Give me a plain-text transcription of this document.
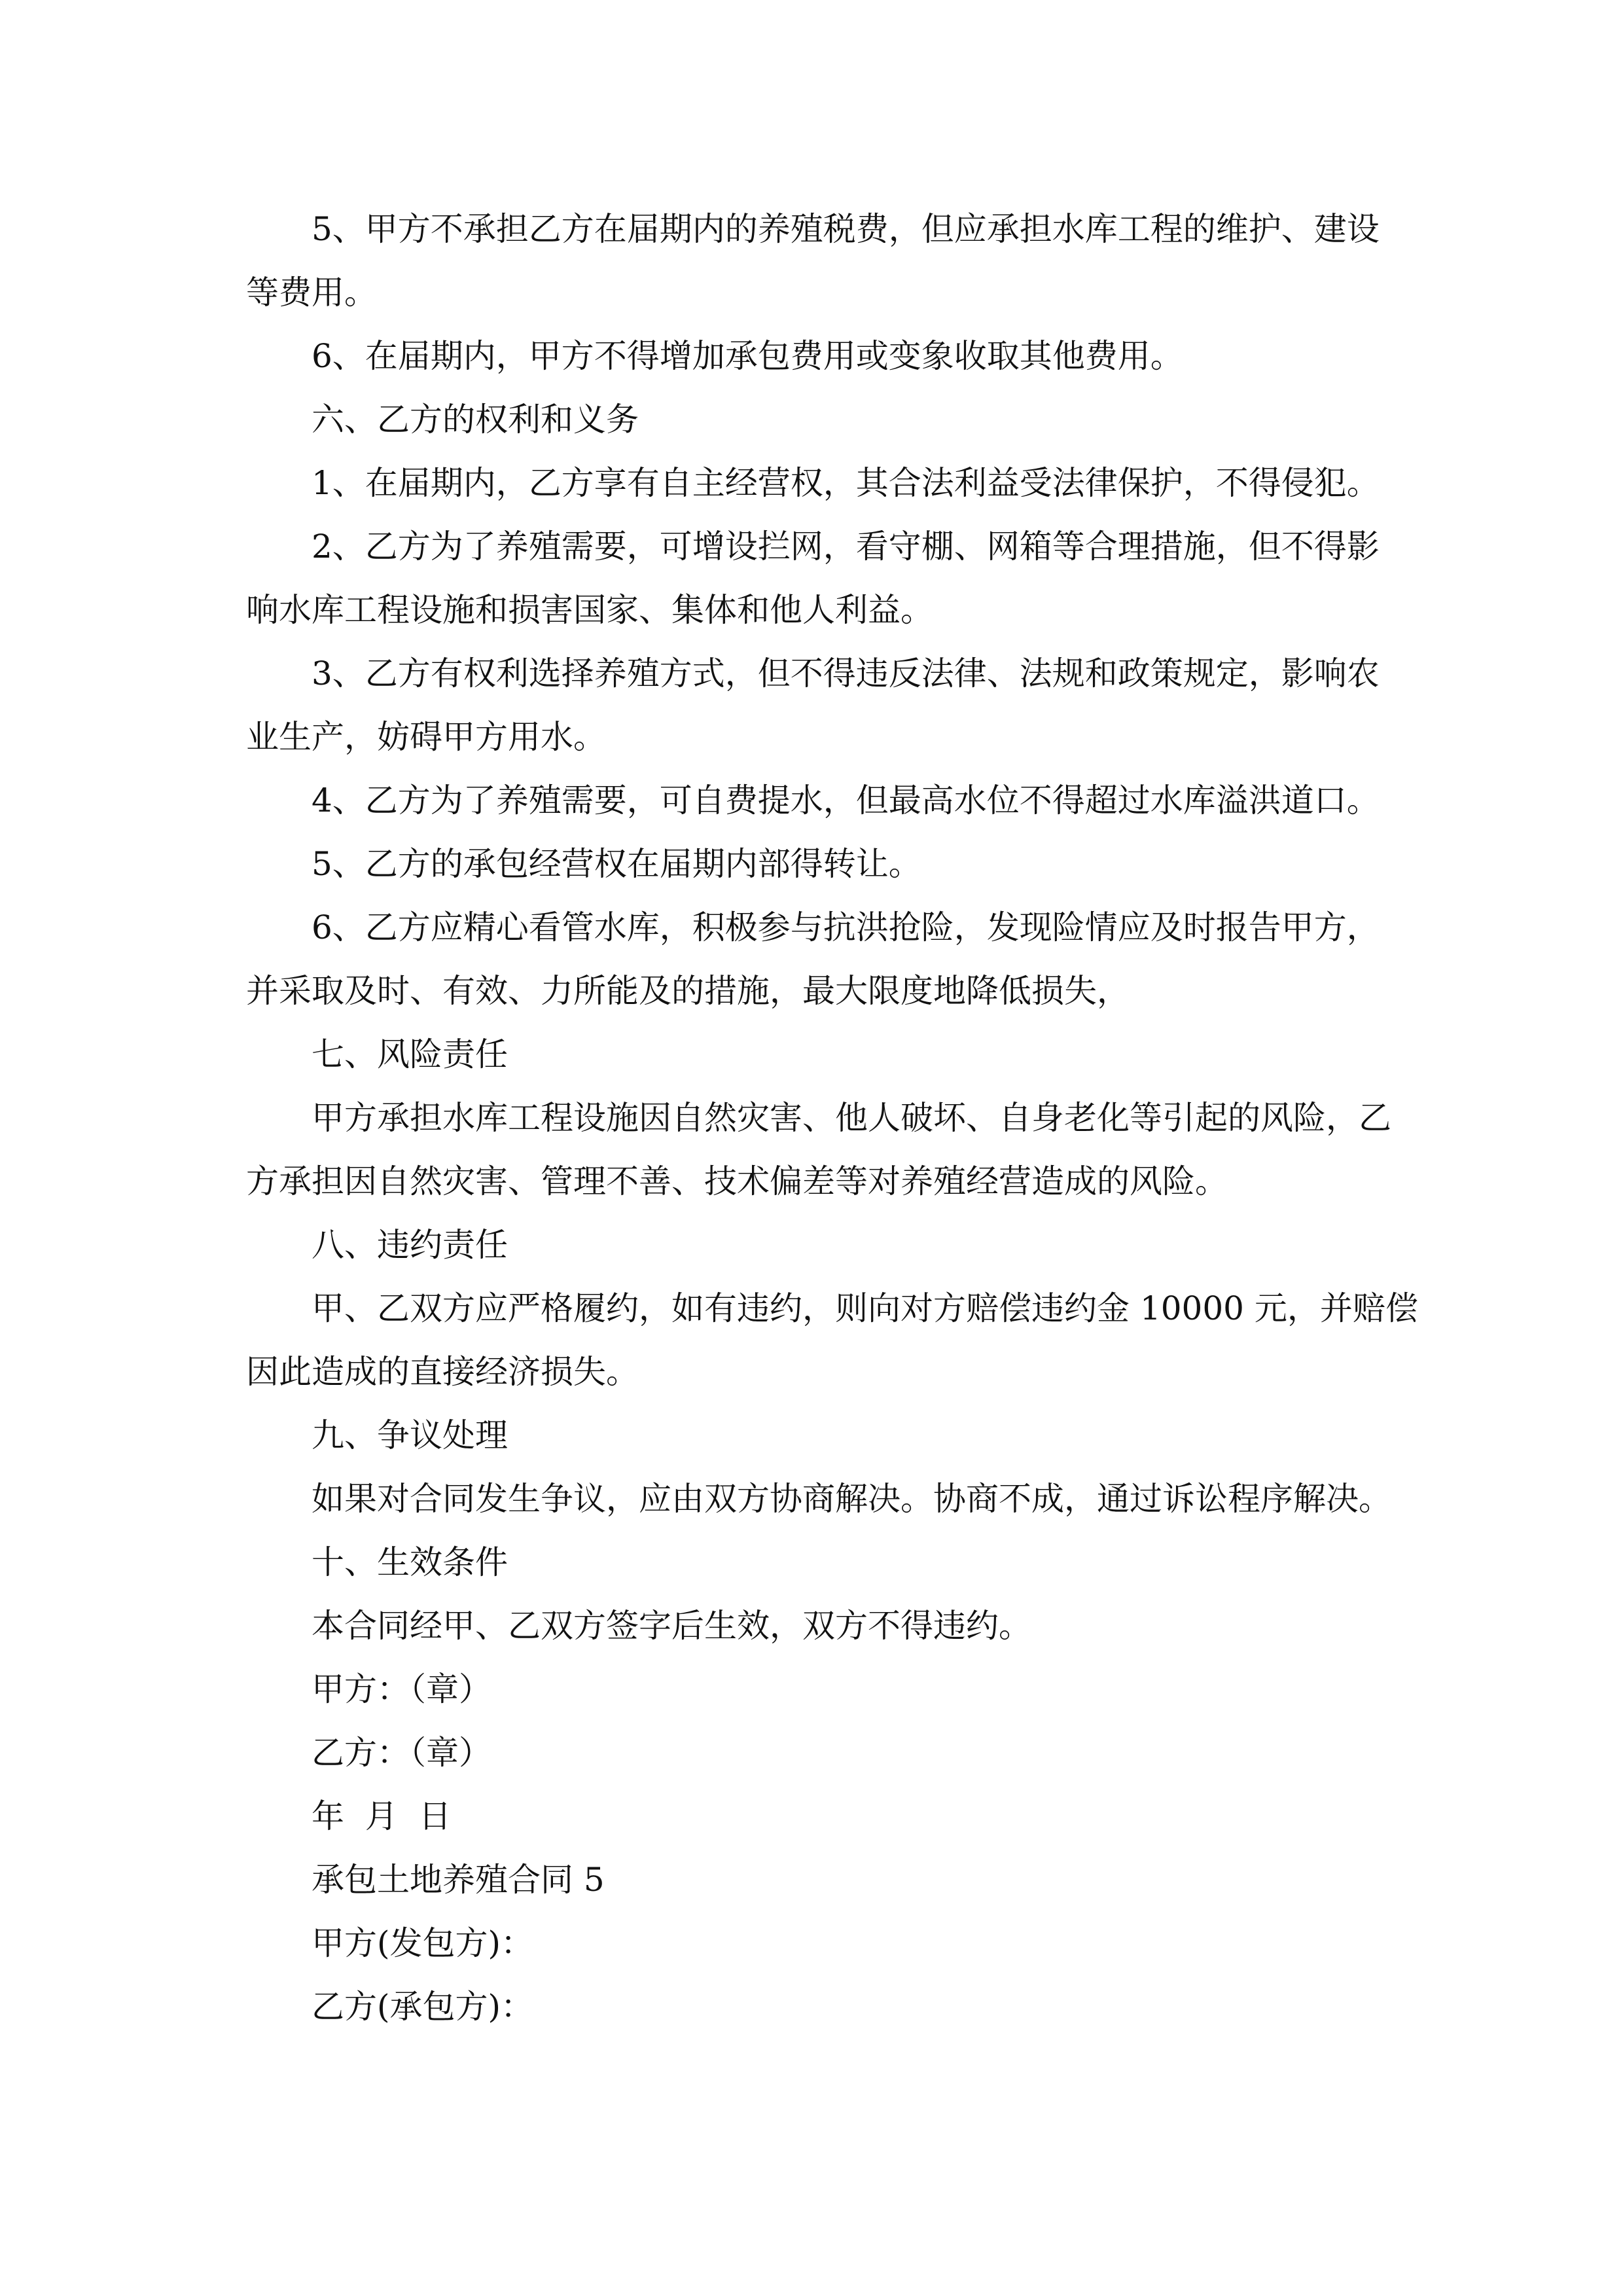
5、甲方不承担乙方在届期内的养殖税费，但应承担水库工程的维护、建设
等费用。
6、在届期内，甲方不得增加承包费用或变象收取其他费用。
六、乙方的权利和义务
1、在届期内，乙方享有自主经营权，其合法利益受法律保护，不得侵犯。
2、乙方为了养殖需要，可增设拦网，看守棚、网箱等合理措施，但不得影
响水库工程设施和损害国家、集体和他人利益。
3、乙方有权利选择养殖方式，但不得违反法律、法规和政策规定，影响农
业生产，妨碍甲方用水。
4、乙方为了养殖需要，可自费提水，但最高水位不得超过水库溢洪道口。
5、乙方的承包经营权在届期内部得转让。
6、乙方应精心看管水库，积极参与抗洪抢险，发现险情应及时报告甲方，
并采取及时、有效、力所能及的措施，最大限度地降低损失，
七、风险责任
甲方承担水库工程设施因自然灾害、他人破坏、自身老化等引起的风险，乙
方承担因自然灾害、管理不善、技术偏差等对养殖经营造成的风险。
八、违约责任
甲、乙双方应严格履约，如有违约，则向对方赔偿违约金 10000 元，并赔偿
因此造成的直接经济损失。
九、争议处理
如果对合同发生争议，应由双方协商解决。协商不成，通过诉讼程序解决。
十、生效条件
本合同经甲、乙双方签字后生效，双方不得违约。
甲方：（章）
乙方：（章）
年  月  日
承包土地养殖合同 5
甲方(发包方)：
乙方(承包方)：
